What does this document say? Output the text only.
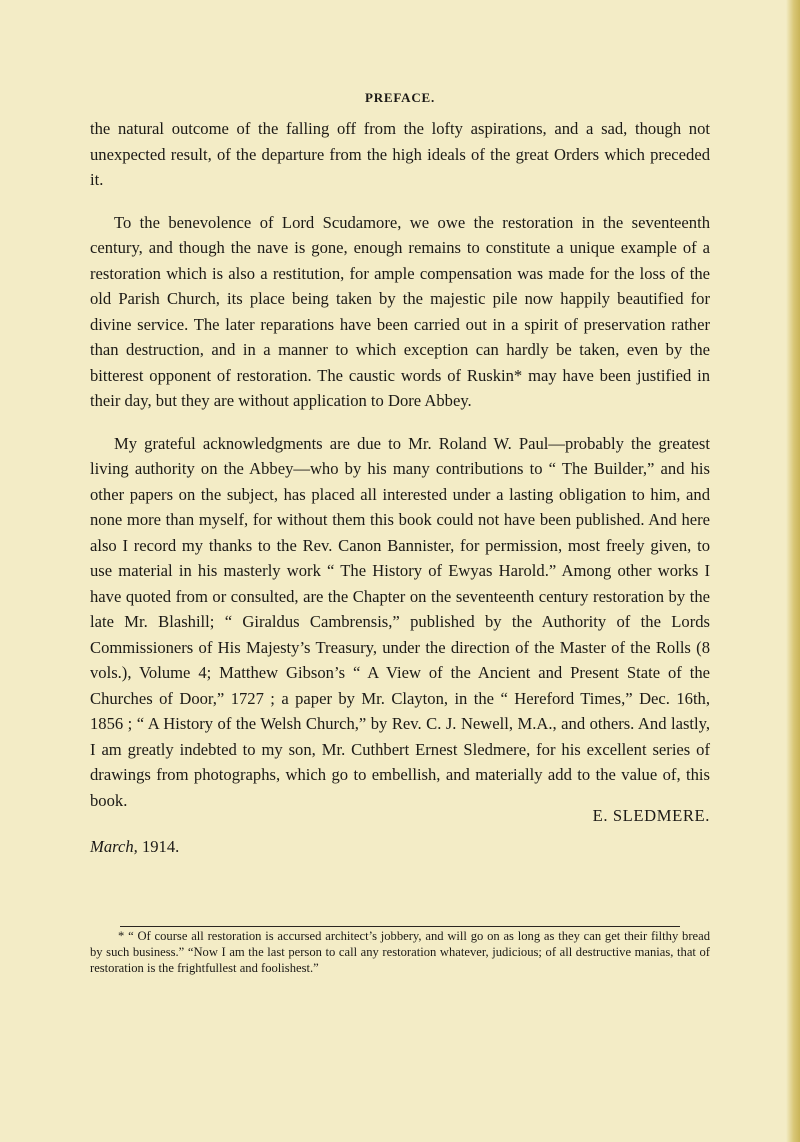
PREFACE.

the natural outcome of the falling off from the lofty aspirations, and a sad, though not unexpected result, of the departure from the high ideals of the great Orders which preceded it.

To the benevolence of Lord Scudamore, we owe the restoration in the seventeenth century, and though the nave is gone, enough remains to constitute a unique example of a restoration which is also a restitution, for ample compensation was made for the loss of the old Parish Church, its place being taken by the majestic pile now happily beautified for divine service. The later reparations have been carried out in a spirit of preservation rather than destruction, and in a manner to which exception can hardly be taken, even by the bitterest opponent of restoration. The caustic words of Ruskin* may have been justified in their day, but they are without application to Dore Abbey.

My grateful acknowledgments are due to Mr. Roland W. Paul—probably the greatest living authority on the Abbey—who by his many contributions to “ The Builder,” and his other papers on the subject, has placed all interested under a lasting obligation to him, and none more than myself, for without them this book could not have been published. And here also I record my thanks to the Rev. Canon Bannister, for permission, most freely given, to use material in his masterly work “ The History of Ewyas Harold.” Among other works I have quoted from or consulted, are the Chapter on the seventeenth century restoration by the late Mr. Blashill; “ Giraldus Cambrensis,” published by the Authority of the Lords Commissioners of His Majesty’s Treasury, under the direction of the Master of the Rolls (8 vols.), Volume 4; Matthew Gibson’s “ A View of the Ancient and Present State of the Churches of Door,” 1727 ; a paper by Mr. Clayton, in the “ Hereford Times,” Dec. 16th, 1856 ; “ A History of the Welsh Church,” by Rev. C. J. Newell, M.A., and others. And lastly, I am greatly indebted to my son, Mr. Cuthbert Ernest Sledmere, for his excellent series of drawings from photographs, which go to embellish, and materially add to the value of, this book.

E. SLEDMERE.
March, 1914.
* “ Of course all restoration is accursed architect’s jobbery, and will go on as long as they can get their filthy bread by such business.” “Now I am the last person to call any restoration whatever, judicious; of all destructive manias, that of restoration is the frightfullest and foolishest.”
